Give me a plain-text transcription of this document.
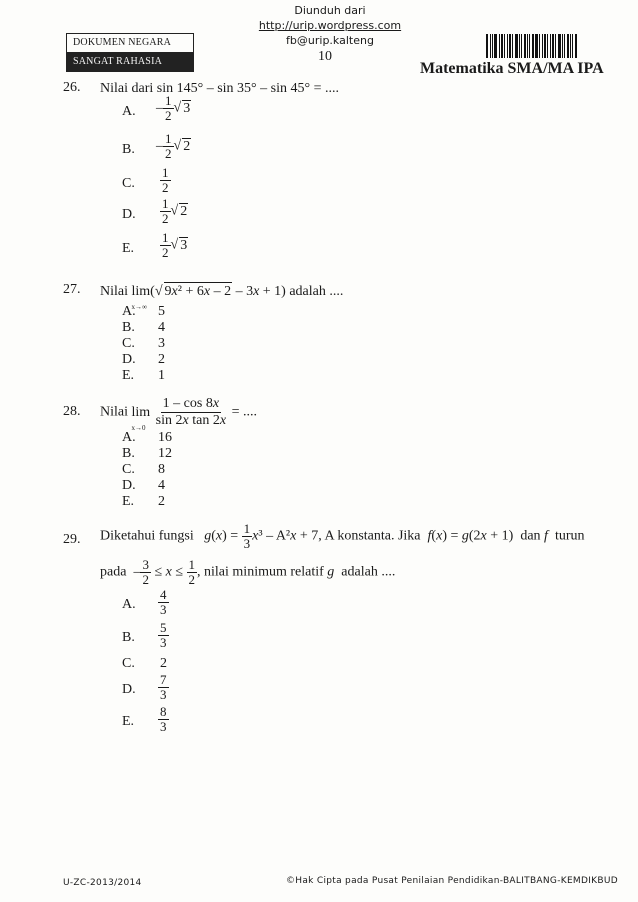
Diunduh dari http://urip.wordpress.com
fb@urip.kalteng
DOKUMEN NEGARA
SANGAT RAHASIA	10
Matematika SMA/MA IPA
26. Nilai dari sin 145° – sin 35° – sin 45° = ....
A. – $\frac{1}{2}$ √ 3
B. – $\frac{1}{2}$ √ 2
C. $\frac{1}{2}$
D. $\frac{1}{2}$ √ 2
E. $\frac{1}{2}$ √ 3
27. Nilai lim
x→∞
(√ 9x² + 6x – 2 – 3x + 1) adalah ....
A. 5
B. 4
C. 3
D. 2
E. 1
28. Nilai lim
x→0
$\frac{1 - \cos 8x}{\text{sin 2x tan 2x}}$ = ....
A. 16
B. 12
C. 8
D. 4
E. 2
29. Diketahui fungsi $g(x) = \frac{1}{3} x^3 - A^2x + 7$, A konstanta. Jika f(x) = g(2x + 1)  dan f turun
pada  – $\frac{3}{2} \le x \le \frac{1}{2}$ , nilai minimum relatif g adalah ....
A. $\frac{4}{3}$
B. $\frac{5}{3}$
C. 2
D. $\frac{7}{3}$
E. $\frac{8}{3}$
U-ZC-2013/2014	©Hak Cipta pada Pusat Penilaian Pendidikan-BALITBANG-KEMDIKBUD
